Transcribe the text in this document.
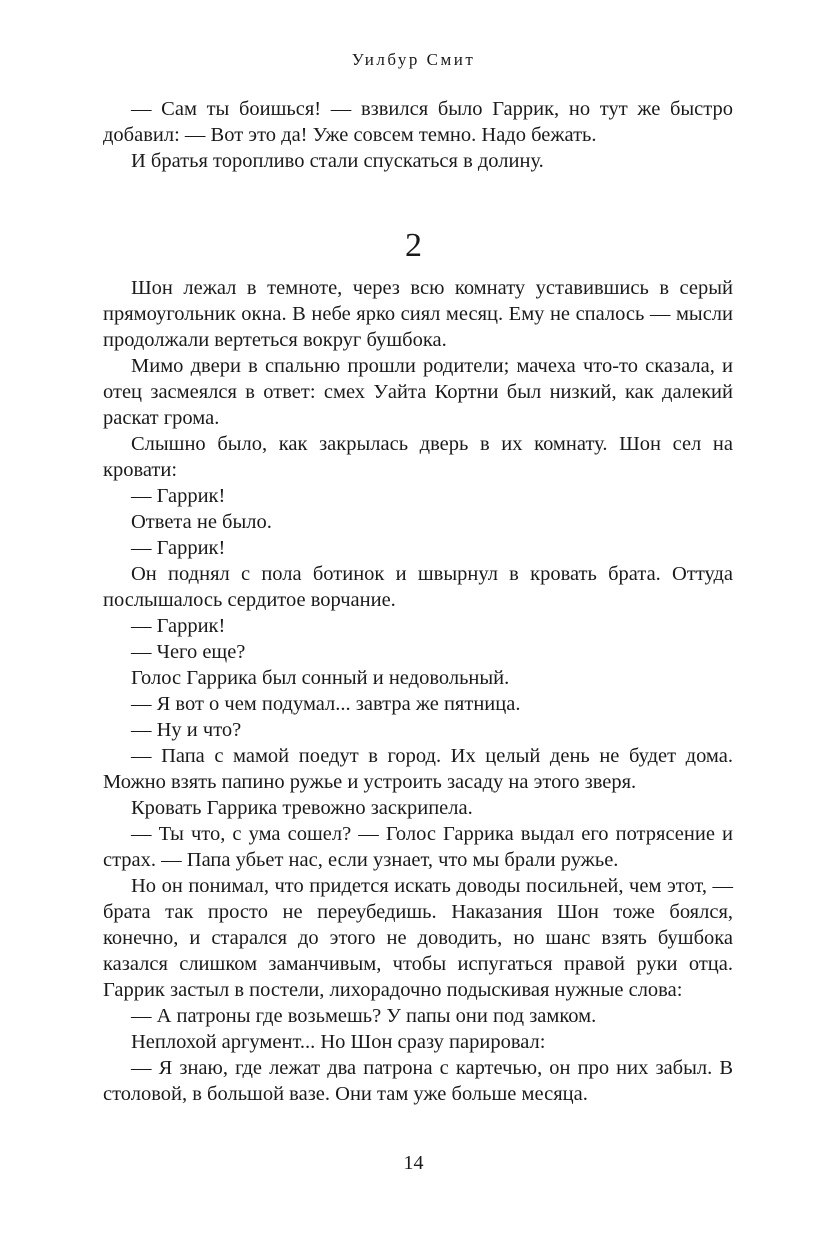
Уилбур Смит

— Сам ты боишься! — взвился было Гаррик, но тут же быстро добавил: — Вот это да! Уже совсем темно. Надо бежать.

И братья торопливо стали спускаться в долину.

2

Шон лежал в темноте, через всю комнату уставившись в серый прямоугольник окна. В небе ярко сиял месяц. Ему не спалось — мысли продолжали вертеться вокруг бушбока.

Мимо двери в спальню прошли родители; мачеха что-то сказала, и отец засмеялся в ответ: смех Уайта Кортни был низкий, как далекий раскат грома.

Слышно было, как закрылась дверь в их комнату. Шон сел на кровати:

— Гаррик!

Ответа не было.

— Гаррик!

Он поднял с пола ботинок и швырнул в кровать брата. Оттуда послышалось сердитое ворчание.

— Гаррик!

— Чего еще?

Голос Гаррика был сонный и недовольный.

— Я вот о чем подумал... завтра же пятница.

— Ну и что?

— Папа с мамой поедут в город. Их целый день не будет дома. Можно взять папино ружье и устроить засаду на этого зверя.

Кровать Гаррика тревожно заскрипела.

— Ты что, с ума сошел? — Голос Гаррика выдал его потрясение и страх. — Папа убьет нас, если узнает, что мы брали ружье.

Но он понимал, что придется искать доводы посильней, чем этот, — брата так просто не переубедишь. Наказания Шон тоже боялся, конечно, и старался до этого не доводить, но шанс взять бушбока казался слишком заманчивым, чтобы испугаться правой руки отца. Гаррик застыл в постели, лихорадочно подыскивая нужные слова:

— А патроны где возьмешь? У папы они под замком.

Неплохой аргумент... Но Шон сразу парировал:

— Я знаю, где лежат два патрона с картечью, он про них забыл. В столовой, в большой вазе. Они там уже больше месяца.

14
